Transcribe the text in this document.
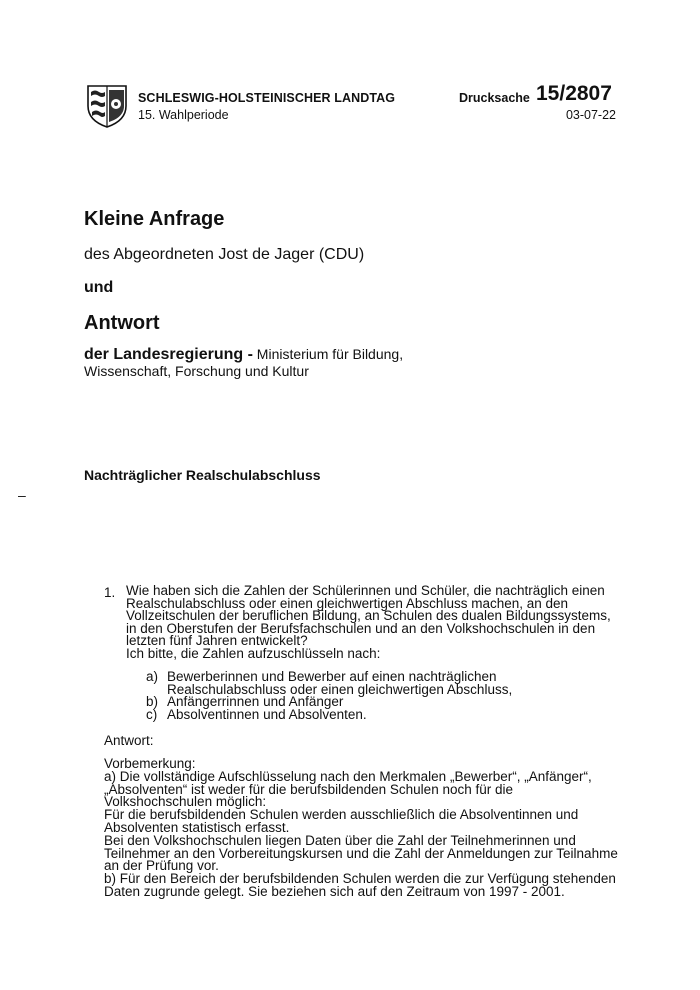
SCHLESWIG-HOLSTEINISCHER LANDTAG
15. Wahlperiode
Drucksache 15/2807
03-07-22
Kleine Anfrage
des Abgeordneten Jost de Jager (CDU)
und
Antwort
der Landesregierung - Ministerium für Bildung, Wissenschaft, Forschung und Kultur
Nachträglicher Realschulabschluss
–
1. Wie haben sich die Zahlen der Schülerinnen und Schüler, die nachträglich einen Realschulabschluss oder einen gleichwertigen Abschluss machen, an den Vollzeitschulen der beruflichen Bildung, an Schulen des dualen Bildungssystems, in den Oberstufen der Berufsfachschulen und an den Volkshochschulen in den letzten fünf Jahren entwickelt?
Ich bitte, die Zahlen aufzuschlüsseln nach:
a) Bewerberinnen und Bewerber auf einen nachträglichen Realschulabschluss oder einen gleichwertigen Abschluss,
b) Anfängerrinnen und Anfänger
c) Absolventinnen und Absolventen.
Antwort:

Vorbemerkung:

a) Die vollständige Aufschlüsselung nach den Merkmalen „Bewerber“, „Anfänger“, „Absolventen“ ist weder für die berufsbildenden Schulen noch für die Volkshochschulen möglich:

Für die berufsbildenden Schulen werden ausschließlich die Absolventinnen und Absolventen statistisch erfasst.

Bei den Volkshochschulen liegen Daten über die Zahl der Teilnehmerinnen und Teilnehmer an den Vorbereitungskursen und die Zahl der Anmeldungen zur Teilnahme an der Prüfung vor.

b) Für den Bereich der berufsbildenden Schulen werden die zur Verfügung stehenden Daten zugrunde gelegt. Sie beziehen sich auf den Zeitraum von 1997 - 2001.
